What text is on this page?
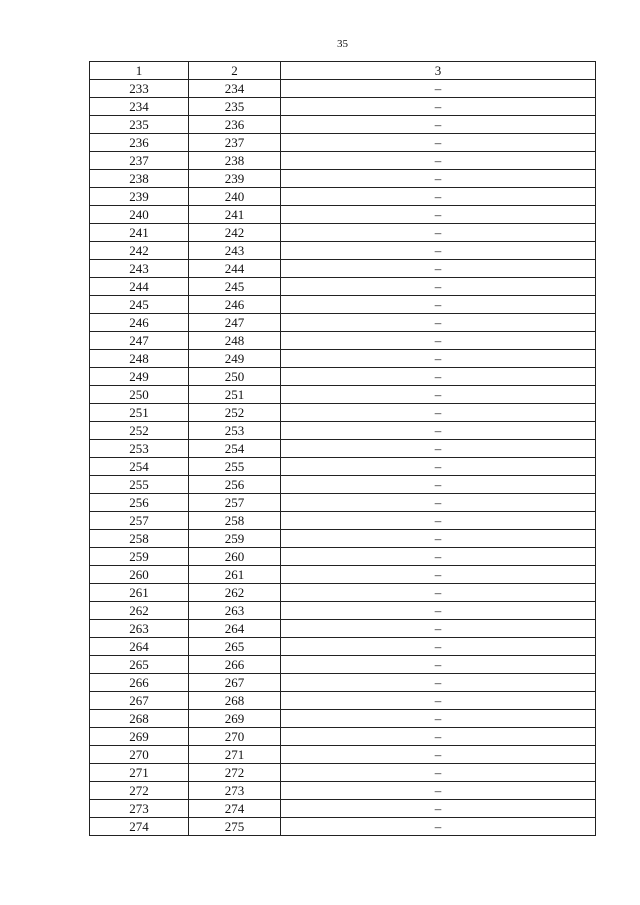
35
1	2	3
233	234	–
234	235	–
235	236	–
236	237	–
237	238	–
238	239	–
239	240	–
240	241	–
241	242	–
242	243	–
243	244	–
244	245	–
245	246	–
246	247	–
247	248	–
248	249	–
249	250	–
250	251	–
251	252	–
252	253	–
253	254	–
254	255	–
255	256	–
256	257	–
257	258	–
258	259	–
259	260	–
260	261	–
261	262	–
262	263	–
263	264	–
264	265	–
265	266	–
266	267	–
267	268	–
268	269	–
269	270	–
270	271	–
271	272	–
272	273	–
273	274	–
274	275	–
